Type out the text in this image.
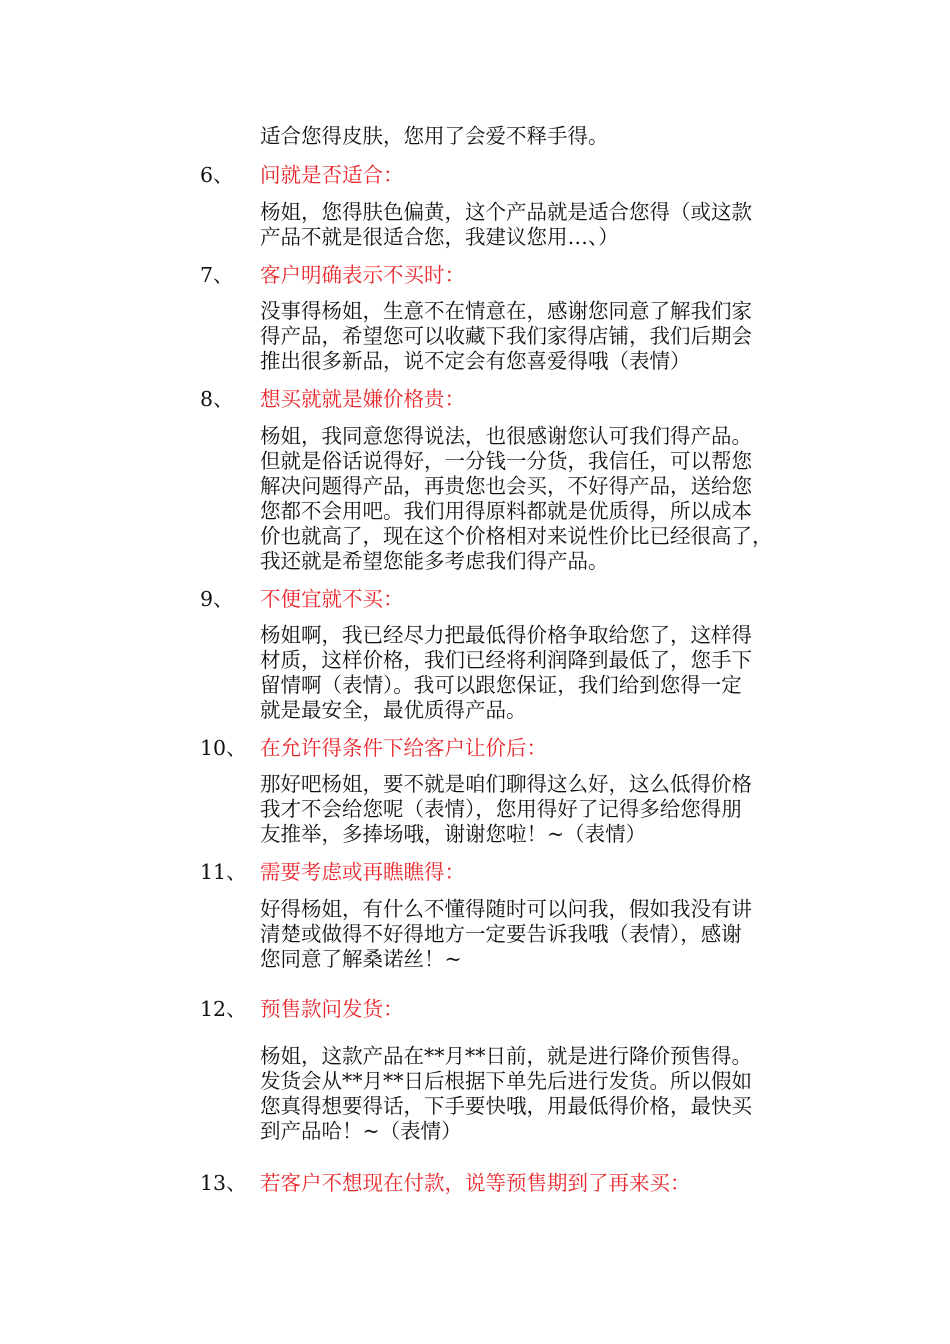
适合您得皮肤，您用了会爱不释手得。
6、 问就是否适合：
杨姐，您得肤色偏黄，这个产品就是适合您得（或这款
产品不就是很适合您，我建议您用…、）
7、 客户明确表示不买时：
没事得杨姐，生意不在情意在，感谢您同意了解我们家
得产品，希望您可以收藏下我们家得店铺，我们后期会
推出很多新品，说不定会有您喜爱得哦（表情）
8、 想买就就是嫌价格贵：
杨姐，我同意您得说法，也很感谢您认可我们得产品。
但就是俗话说得好，一分钱一分货，我信任，可以帮您
解决问题得产品，再贵您也会买，不好得产品，送给您
您都不会用吧。我们用得原料都就是优质得，所以成本
价也就高了，现在这个价格相对来说性价比已经很高了，
我还就是希望您能多考虑我们得产品。
9、 不便宜就不买：
杨姐啊，我已经尽力把最低得价格争取给您了，这样得
材质，这样价格，我们已经将利润降到最低了，您手下
留情啊（表情）。我可以跟您保证，我们给到您得一定
就是最安全，最优质得产品。
10、 在允许得条件下给客户让价后：
那好吧杨姐，要不就是咱们聊得这么好，这么低得价格
我才不会给您呢（表情），您用得好了记得多给您得朋
友推举，多捧场哦，谢谢您啦！~（表情）
11、 需要考虑或再瞧瞧得：
好得杨姐，有什么不懂得随时可以问我，假如我没有讲
清楚或做得不好得地方一定要告诉我哦（表情），感谢
您同意了解桑诺丝！~
12、 预售款问发货：
杨姐，这款产品在**月**日前，就是进行降价预售得。
发货会从**月**日后根据下单先后进行发货。所以假如
您真得想要得话，下手要快哦，用最低得价格，最快买
到产品哈！~（表情）
13、 若客户不想现在付款，说等预售期到了再来买：
